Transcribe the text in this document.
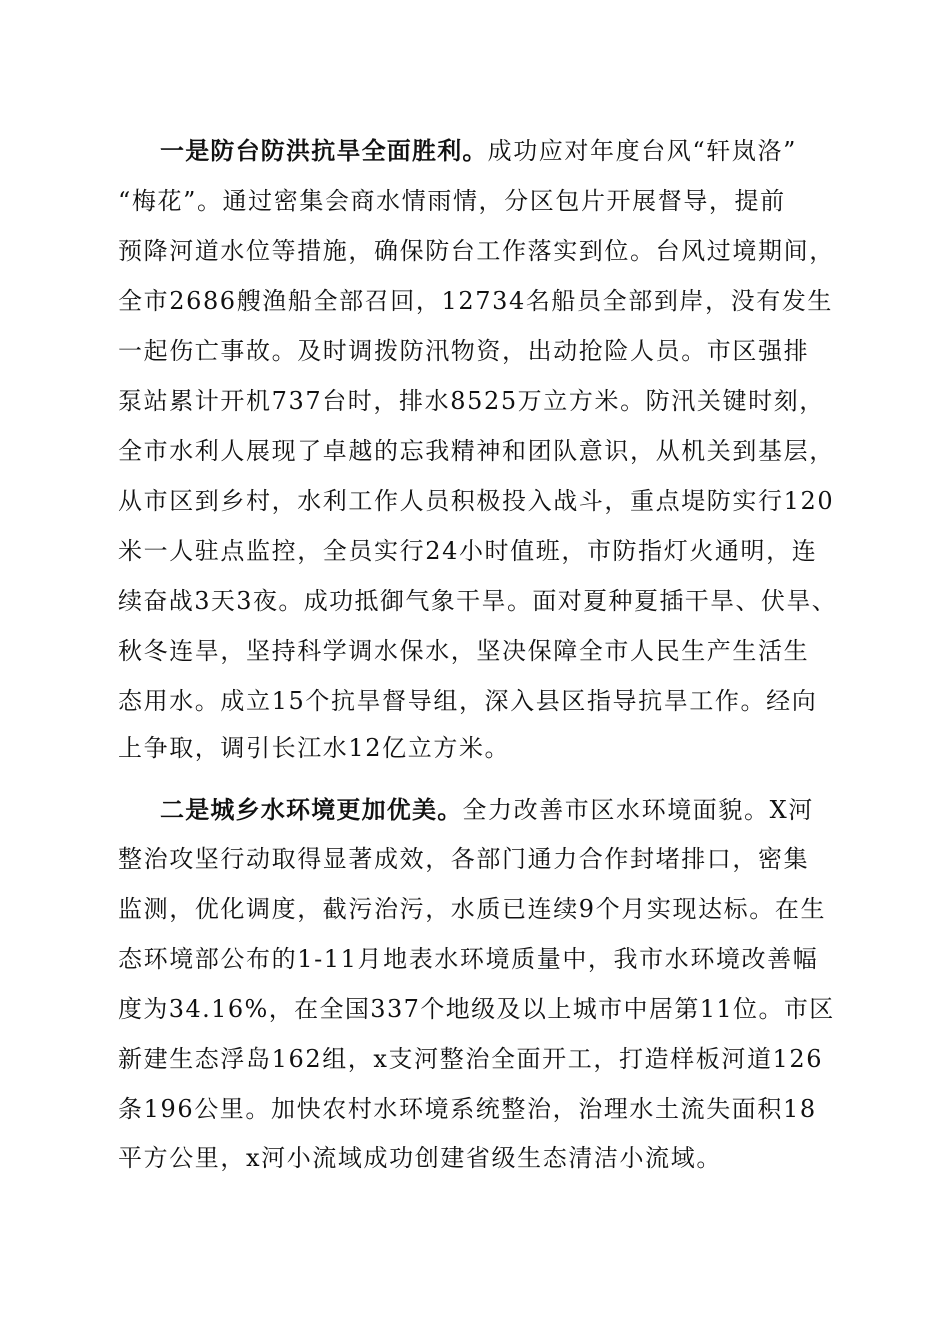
一是防台防洪抗旱全面胜利。成功应对年度台风“轩岚洛”
“梅花”。通过密集会商水情雨情，分区包片开展督导，提前
预降河道水位等措施，确保防台工作落实到位。台风过境期间，
全市2686艘渔船全部召回，12734名船员全部到岸，没有发生
一起伤亡事故。及时调拨防汛物资，出动抢险人员。市区强排
泵站累计开机737台时，排水8525万立方米。防汛关键时刻，
全市水利人展现了卓越的忘我精神和团队意识，从机关到基层，
从市区到乡村，水利工作人员积极投入战斗，重点堤防实行120
米一人驻点监控，全员实行24小时值班，市防指灯火通明，连
续奋战3天3夜。成功抵御气象干旱。面对夏种夏插干旱、伏旱、
秋冬连旱，坚持科学调水保水，坚决保障全市人民生产生活生
态用水。成立15个抗旱督导组，深入县区指导抗旱工作。经向
上争取，调引长江水12亿立方米。
二是城乡水环境更加优美。全力改善市区水环境面貌。X河
整治攻坚行动取得显著成效，各部门通力合作封堵排口，密集
监测，优化调度，截污治污，水质已连续9个月实现达标。在生
态环境部公布的1-11月地表水环境质量中，我市水环境改善幅
度为34.16%，在全国337个地级及以上城市中居第11位。市区
新建生态浮岛162组，x支河整治全面开工，打造样板河道126
条196公里。加快农村水环境系统整治，治理水土流失面积18
平方公里，x河小流域成功创建省级生态清洁小流域。
